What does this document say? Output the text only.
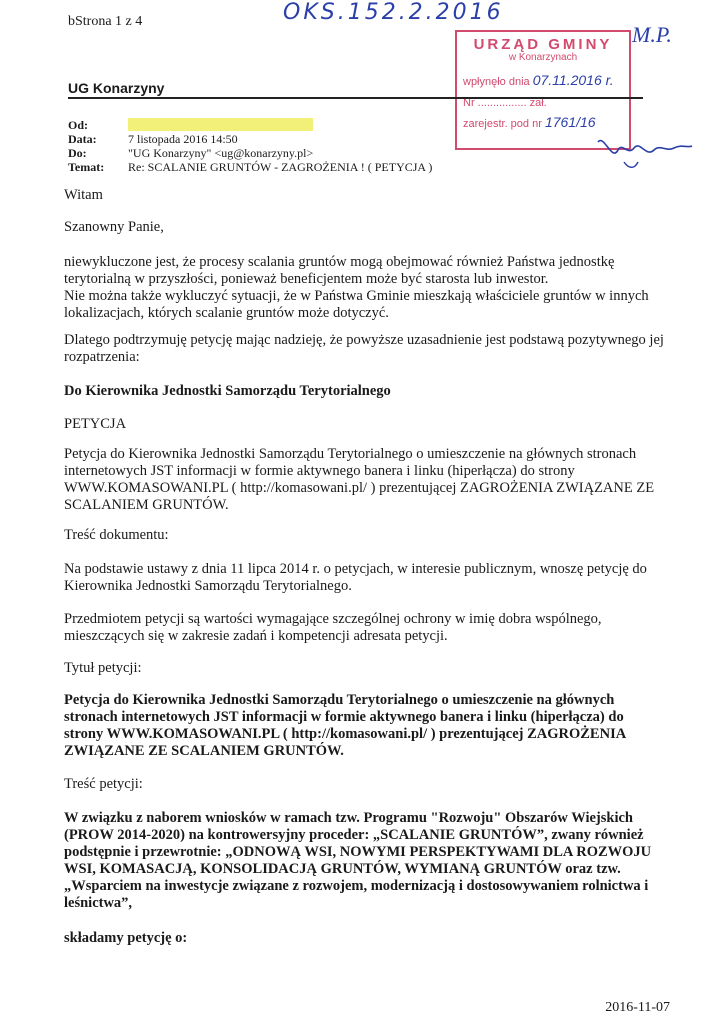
bStrona 1 z 4	OKS.152.2.2016
URZĄD GMINY
w Konarzynach
wpłynęło dnia 07.11.2016 r.
Nr ................ zał.
zarejestr. pod nr 1761/16
M.P.
UG Konarzyny
Od:
Data:	7 listopada 2016 14:50
Do:	"UG Konarzyny" <ug@konarzyny.pl>
Temat:	Re: SCALANIE GRUNTÓW - ZAGROŻENIA ! ( PETYCJA )

Witam

Szanowny Panie,

niewykluczone jest, że procesy scalania gruntów mogą obejmować również Państwa jednostkę terytorialną w przyszłości, ponieważ beneficjentem może być starosta lub inwestor.

Nie można także wykluczyć sytuacji, że w Państwa Gminie mieszkają właściciele gruntów w innych lokalizacjach, których scalanie gruntów może dotyczyć.

Dlatego podtrzymuję petycję mając nadzieję, że powyższe uzasadnienie jest podstawą pozytywnego jej rozpatrzenia:

Do Kierownika Jednostki Samorządu Terytorialnego

PETYCJA

Petycja do Kierownika Jednostki Samorządu Terytorialnego o umieszczenie na głównych stronach internetowych JST informacji w formie aktywnego banera i linku (hiperłącza) do strony WWW.KOMASOWANI.PL ( http://komasowani.pl/ ) prezentującej ZAGROŻENIA ZWIĄZANE ZE SCALANIEM GRUNTÓW.

Treść dokumentu:

Na podstawie ustawy z dnia 11 lipca 2014 r. o petycjach, w interesie publicznym, wnoszę petycję do Kierownika Jednostki Samorządu Terytorialnego.

Przedmiotem petycji są wartości wymagające szczególnej ochrony w imię dobra wspólnego, mieszczących się w zakresie zadań i kompetencji adresata petycji.

Tytuł petycji:

Petycja do Kierownika Jednostki Samorządu Terytorialnego o umieszczenie na głównych stronach internetowych JST informacji w formie aktywnego banera i linku (hiperłącza) do strony WWW.KOMASOWANI.PL ( http://komasowani.pl/ ) prezentującej ZAGROŻENIA ZWIĄZANE ZE SCALANIEM GRUNTÓW.

Treść petycji:

W związku z naborem wniosków w ramach tzw. Programu "Rozwoju" Obszarów Wiejskich (PROW 2014-2020) na kontrowersyjny proceder: „SCALANIE GRUNTÓW”, zwany również podstępnie i przewrotnie: „ODNOWĄ WSI, NOWYMI PERSPEKTYWAMI DLA ROZWOJU WSI, KOMASACJĄ, KONSOLIDACJĄ GRUNTÓW, WYMIANĄ GRUNTÓW oraz tzw. „Wsparciem na inwestycje związane z rozwojem, modernizacją i dostosowywaniem rolnictwa i leśnictwa”,

składamy petycję o:

2016-11-07
